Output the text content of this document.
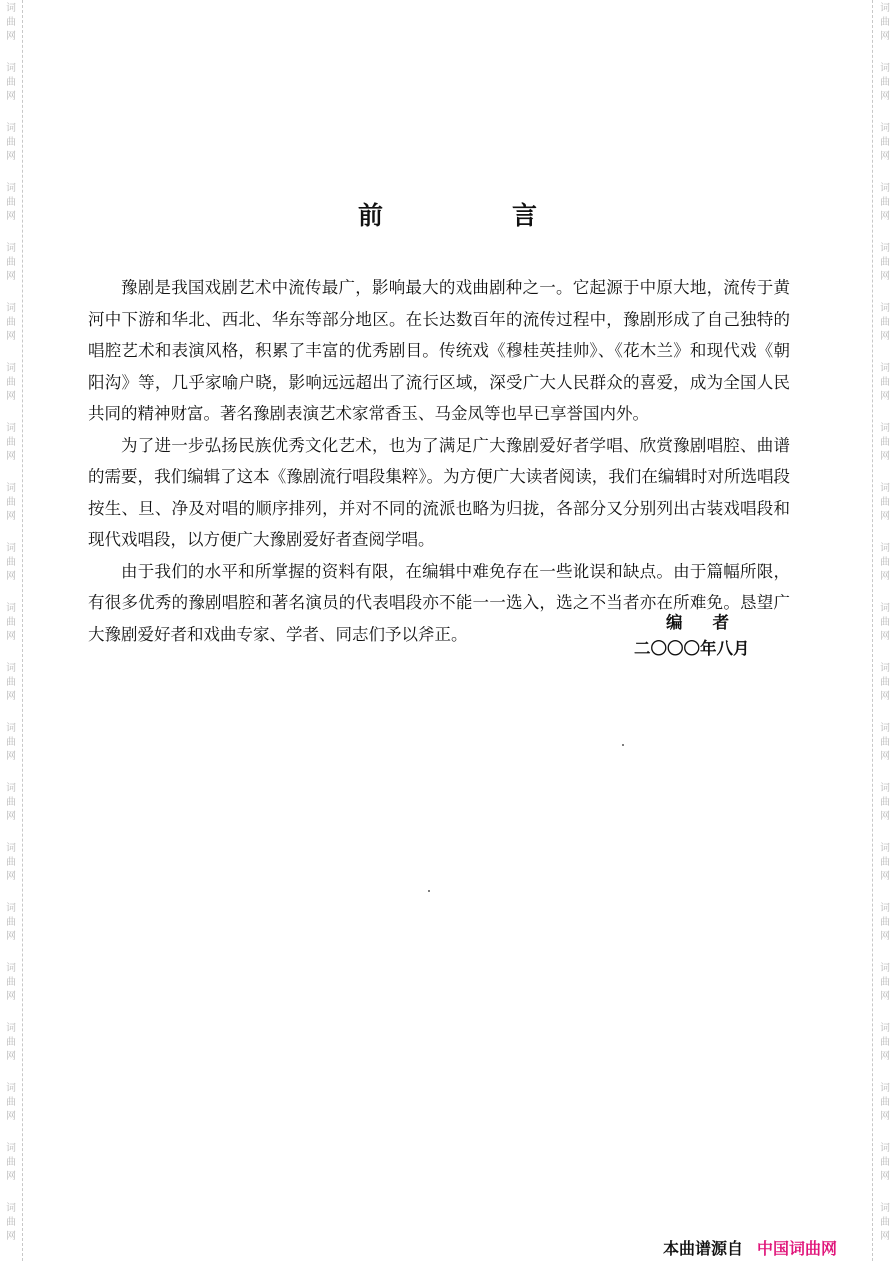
词
曲
网
词
曲
网
词
曲
网
词
曲
网
词
曲
网
词
曲
网
词
曲
网
词
曲
网
词
曲
网
词
曲
网
词
曲
网
词
曲
网
词
曲
网
词
曲
网
词
曲
网
词
曲
网
词
曲
网
词
曲
网
词
曲
网
词
曲
网
词
曲
网
词
曲
网
词
曲
网
词
曲
网
词
曲
网
词
曲
网
词
曲
网
词
曲
网
词
曲
网
词
曲
网
词
曲
网
词
曲
网
词
曲
网
词
曲
网
词
曲
网
词
曲
网
词
曲
网
词
曲
网
词
曲
网
词
曲
网
词
曲
网
词
曲
网
前　言

豫剧是我国戏剧艺术中流传最广，影响最大的戏曲剧种之一。它起源于中原大地，流传于黄河中下游和华北、西北、华东等部分地区。在长达数百年的流传过程中，豫剧形成了自己独特的唱腔艺术和表演风格，积累了丰富的优秀剧目。传统戏《穆桂英挂帅》、《花木兰》和现代戏《朝阳沟》等，几乎家喻户晓，影响远远超出了流行区域，深受广大人民群众的喜爱，成为全国人民共同的精神财富。著名豫剧表演艺术家常香玉、马金凤等也早已享誉国内外。

为了进一步弘扬民族优秀文化艺术，也为了满足广大豫剧爱好者学唱、欣赏豫剧唱腔、曲谱的需要，我们编辑了这本《豫剧流行唱段集粹》。为方便广大读者阅读，我们在编辑时对所选唱段按生、旦、净及对唱的顺序排列，并对不同的流派也略为归拢，各部分又分别列出古装戏唱段和现代戏唱段，以方便广大豫剧爱好者查阅学唱。

由于我们的水平和所掌握的资料有限，在编辑中难免存在一些讹误和缺点。由于篇幅所限，有很多优秀的豫剧唱腔和著名演员的代表唱段亦不能一一选入，选之不当者亦在所难免。恳望广大豫剧爱好者和戏曲专家、学者、同志们予以斧正。

编者
二〇〇〇年八月
本曲谱源自 中国词曲网
